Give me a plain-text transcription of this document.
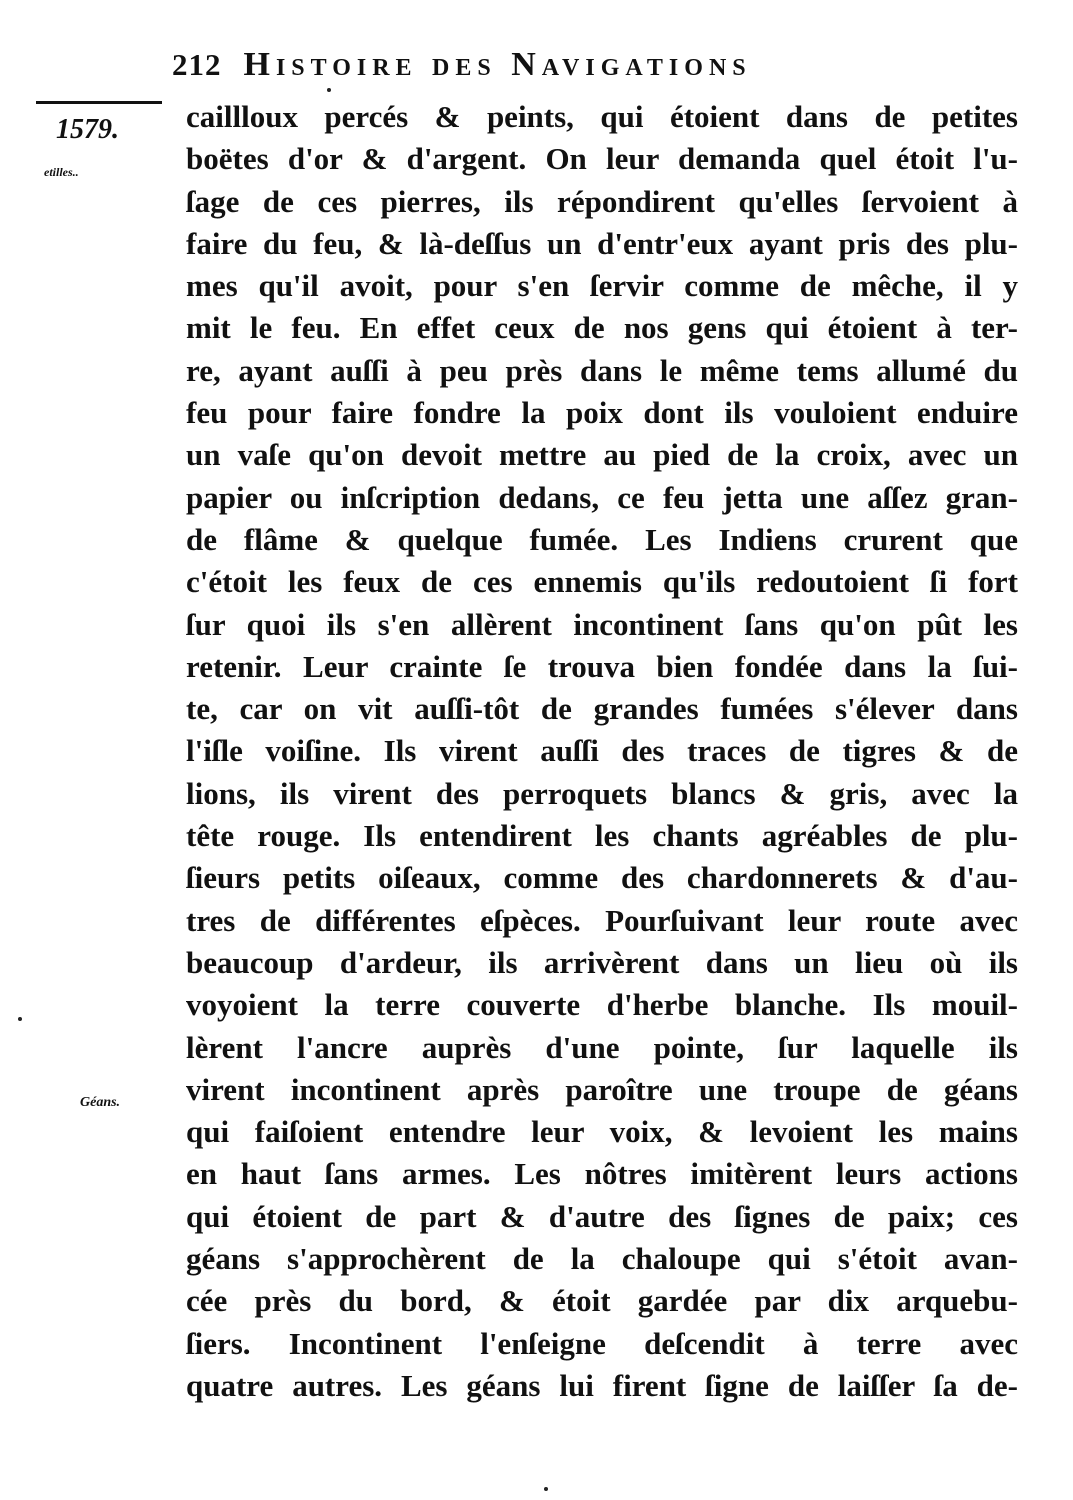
212 Histoire des Navigations
1579.
etilles..
Géans.
caillloux percés & peints, qui étoient dans de petites
boëtes d'or & d'argent. On leur demanda quel étoit l'u-
ſage de ces pierres, ils répondirent qu'elles ſervoient à
faire du feu, & là-deſſus un d'entr'eux ayant pris des plu-
mes qu'il avoit, pour s'en ſervir comme de mêche, il y
mit le feu. En effet ceux de nos gens qui étoient à ter-
re, ayant auſſi à peu près dans le même tems allumé du
feu pour faire fondre la poix dont ils vouloient enduire
un vaſe qu'on devoit mettre au pied de la croix, avec un
papier ou inſcription dedans, ce feu jetta une aſſez gran-
de flâme & quelque fumée. Les Indiens crurent que
c'étoit les feux de ces ennemis qu'ils redoutoient ſi fort
ſur quoi ils s'en allèrent incontinent ſans qu'on pût les
retenir. Leur crainte ſe trouva bien fondée dans la ſui-
te, car on vit auſſi-tôt de grandes fumées s'élever dans
l'iſle voiſine. Ils virent auſſi des traces de tigres & de
lions, ils virent des perroquets blancs & gris, avec la
tête rouge. Ils entendirent les chants agréables de plu-
ſieurs petits oiſeaux, comme des chardonnerets & d'au-
tres de différentes eſpèces. Pourſuivant leur route avec
beaucoup d'ardeur, ils arrivèrent dans un lieu où ils
voyoient la terre couverte d'herbe blanche. Ils mouil-
lèrent l'ancre auprès d'une pointe, ſur laquelle ils
virent incontinent après paroître une troupe de géans
qui faiſoient entendre leur voix, & levoient les mains
en haut ſans armes. Les nôtres imitèrent leurs actions
qui étoient de part & d'autre des ſignes de paix; ces
géans s'approchèrent de la chaloupe qui s'étoit avan-
cée près du bord, & étoit gardée par dix arquebu-
ſiers. Incontinent l'enſeigne deſcendit à terre avec
quatre autres. Les géans lui firent ſigne de laiſſer ſa de-
